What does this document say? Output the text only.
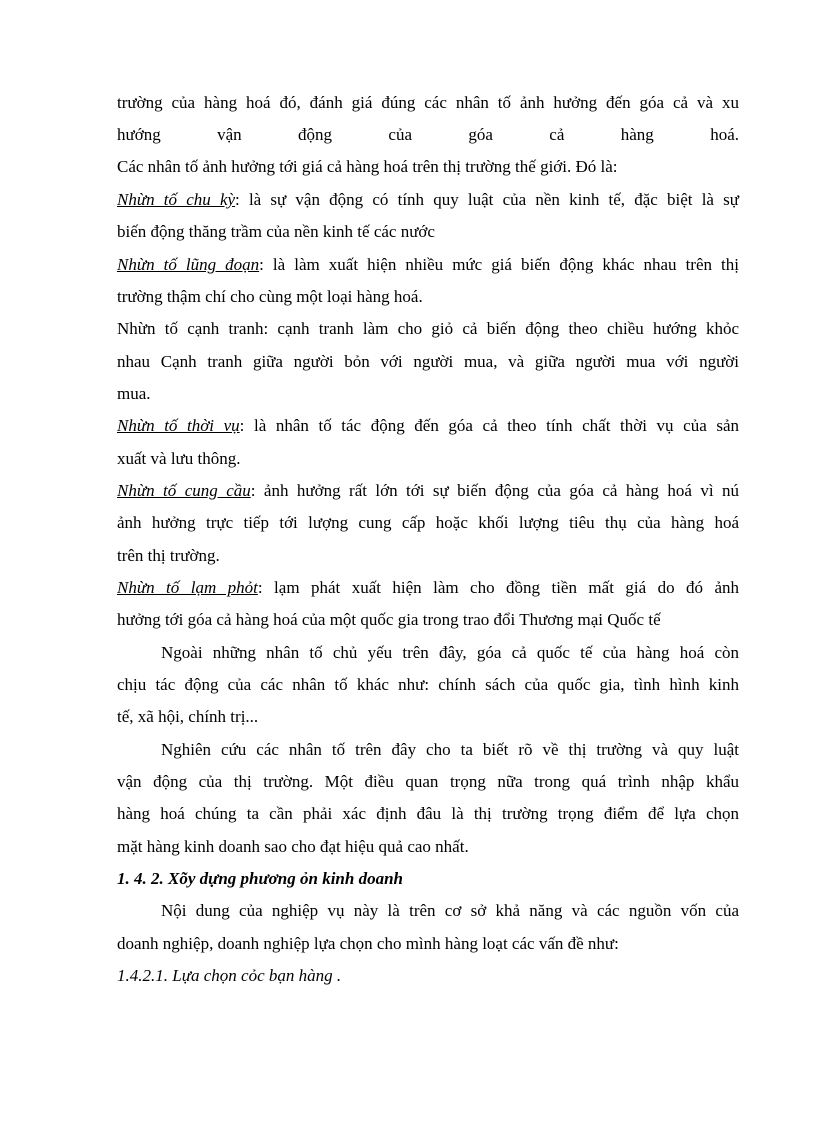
trường của hàng hoá đó, đánh giá đúng các nhân tố ảnh hưởng đến góa cả và xu
hướng vận động của góa cả hàng hoá.
Các nhân tố ảnh hưởng tới giá cả hàng hoá trên thị trường thế giới. Đó là:
Nhừn tố chu kỳ: là sự vận động có tính quy luật của nền kinh tế, đặc biệt là sự
biến động thăng trầm của nền kinh tế các nước
Nhừn tố lũng đoạn: là làm xuất hiện nhiều mức giá biến động khác nhau trên thị
trường thậm chí cho cùng một loại hàng hoá.
Nhừn tố cạnh tranh: cạnh tranh làm cho giỏ cả biến động theo chiều hướng khỏc
nhau Cạnh tranh giữa người bỏn với người mua, và giữa người mua với người
mua.
Nhừn tố thời vụ: là nhân tố tác động đến góa cả theo tính chất thời vụ của sản
xuất và lưu thông.
Nhừn tố cung cầu: ảnh hưởng rất lớn tới sự biến động của góa cả hàng hoá vì nú
ảnh hưởng trực tiếp tới lượng cung cấp hoặc khối lượng tiêu thụ của hàng hoá
trên thị trường.
Nhừn tố lạm phỏt: lạm phát xuất hiện làm cho đồng tiền mất giá do đó ảnh
hưởng tới góa cả hàng hoá của một quốc gia trong trao đổi Thương mại Quốc tế
Ngoài những nhân tố chủ yếu trên đây, góa cả quốc tế của hàng hoá còn
chịu tác động của các nhân tố khác như: chính sách của quốc gia, tình hình kinh
tế, xã hội, chính trị...
Nghiên cứu các nhân tố trên đây cho ta biết rõ về thị trường và quy luật
vận động của thị trường. Một điều quan trọng nữa trong quá trình nhập khẩu
hàng hoá chúng ta cần phải xác định đâu là thị trường trọng điểm để lựa chọn
mặt hàng kinh doanh sao cho đạt hiệu quả cao nhất.
1. 4. 2. Xõy dựng phương ỏn kinh doanh
Nội dung của nghiệp vụ này là trên cơ sở khả năng và các nguồn vốn của
doanh nghiệp, doanh nghiệp lựa chọn cho mình hàng loạt các vấn đề như:
1.4.2.1. Lựa chọn cỏc bạn hàng .
